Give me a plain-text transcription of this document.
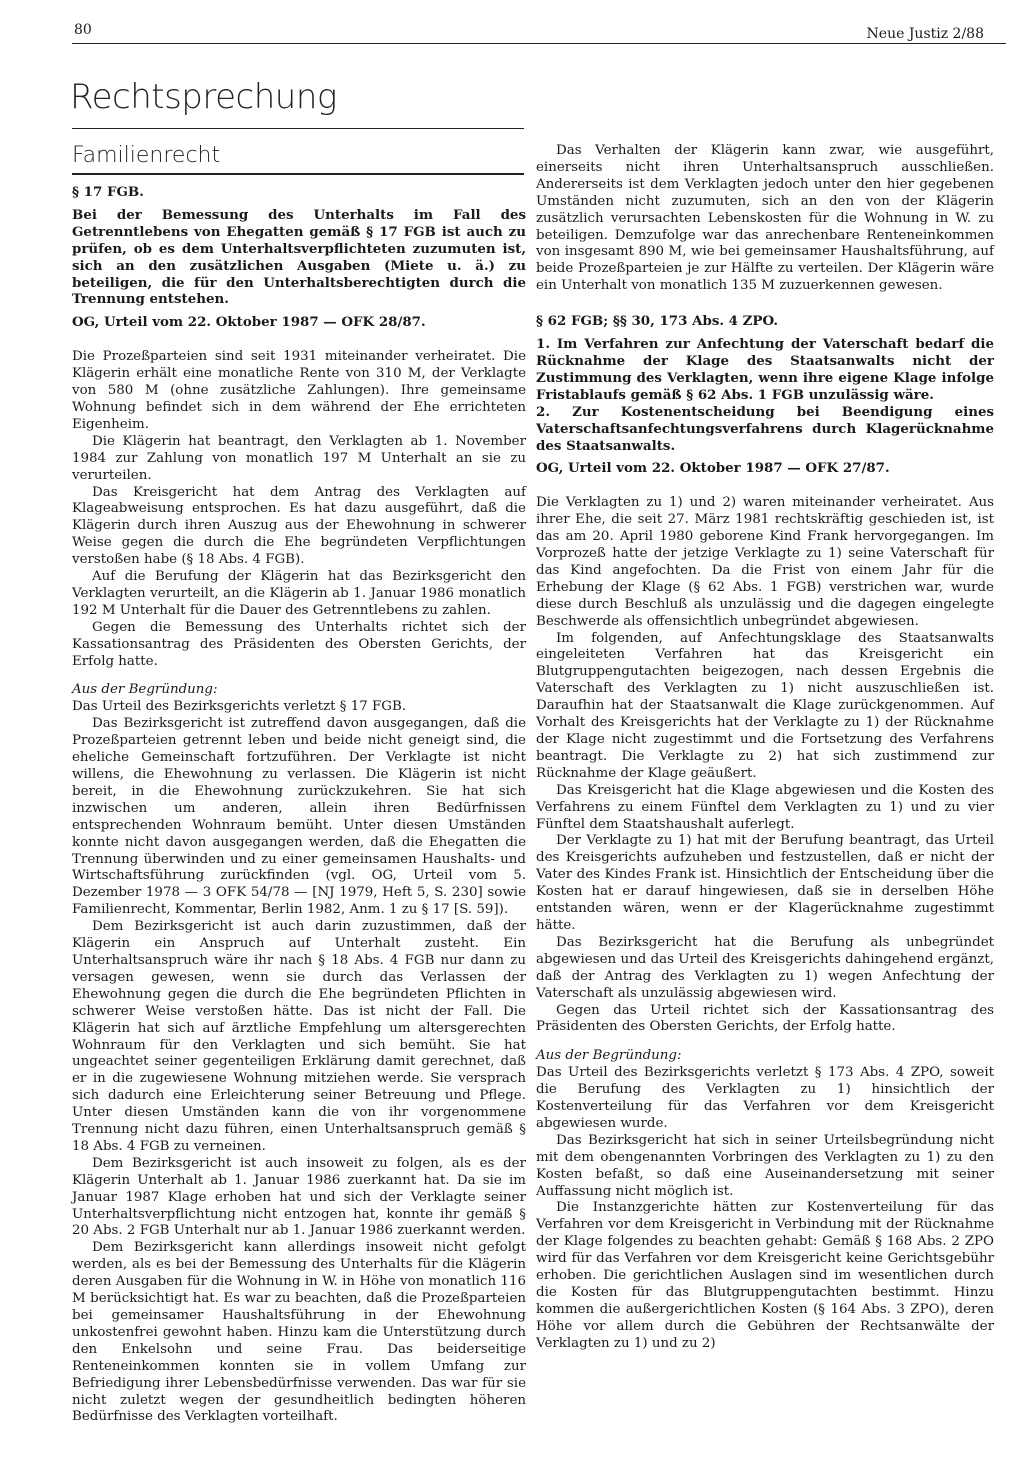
80	Neue Justiz 2/88
Rechtsprechung
Familienrecht

§ 17 FGB.

Bei der Bemessung des Unterhalts im Fall des Getrenntlebens von Ehegatten gemäß § 17 FGB ist auch zu prüfen, ob es dem Unterhaltsverpflichteten zuzumuten ist, sich an den zusätzlichen Ausgaben (Miete u. ä.) zu beteiligen, die für den Unterhaltsberechtigten durch die Trennung entstehen.

OG, Urteil vom 22. Oktober 1987 — OFK 28/87.

Die Prozeßparteien sind seit 1931 miteinander verheiratet. Die Klägerin erhält eine monatliche Rente von 310 M, der Verklagte von 580 M (ohne zusätzliche Zahlungen). Ihre gemeinsame Wohnung befindet sich in dem während der Ehe errichteten Eigenheim.

Die Klägerin hat beantragt, den Verklagten ab 1. November 1984 zur Zahlung von monatlich 197 M Unterhalt an sie zu verurteilen.

Das Kreisgericht hat dem Antrag des Verklagten auf Klageabweisung entsprochen. Es hat dazu ausgeführt, daß die Klägerin durch ihren Auszug aus der Ehewohnung in schwerer Weise gegen die durch die Ehe begründeten Verpflichtungen verstoßen habe (§ 18 Abs. 4 FGB).

Auf die Berufung der Klägerin hat das Bezirksgericht den Verklagten verurteilt, an die Klägerin ab 1. Januar 1986 monatlich 192 M Unterhalt für die Dauer des Getrenntlebens zu zahlen.

Gegen die Bemessung des Unterhalts richtet sich der Kassationsantrag des Präsidenten des Obersten Gerichts, der Erfolg hatte.

Aus der Begründung:

Das Urteil des Bezirksgerichts verletzt § 17 FGB.

Das Bezirksgericht ist zutreffend davon ausgegangen, daß die Prozeßparteien getrennt leben und beide nicht geneigt sind, die eheliche Gemeinschaft fortzuführen. Der Verklagte ist nicht willens, die Ehewohnung zu verlassen. Die Klägerin ist nicht bereit, in die Ehewohnung zurückzukehren. Sie hat sich inzwischen um anderen, allein ihren Bedürfnissen entsprechenden Wohnraum bemüht. Unter diesen Umständen konnte nicht davon ausgegangen werden, daß die Ehegatten die Trennung überwinden und zu einer gemeinsamen Haushalts- und Wirtschaftsführung zurückfinden (vgl. OG, Urteil vom 5. Dezember 1978 — 3 OFK 54/78 — [NJ 1979, Heft 5, S. 230] sowie Familienrecht, Kommentar, Berlin 1982, Anm. 1 zu § 17 [S. 59]).

Dem Bezirksgericht ist auch darin zuzustimmen, daß der Klägerin ein Anspruch auf Unterhalt zusteht. Ein Unterhaltsanspruch wäre ihr nach § 18 Abs. 4 FGB nur dann zu versagen gewesen, wenn sie durch das Verlassen der Ehewohnung gegen die durch die Ehe begründeten Pflichten in schwerer Weise verstoßen hätte. Das ist nicht der Fall. Die Klägerin hat sich auf ärztliche Empfehlung um altersgerechten Wohnraum für den Verklagten und sich bemüht. Sie hat ungeachtet seiner gegenteiligen Erklärung damit gerechnet, daß er in die zugewiesene Wohnung mitziehen werde. Sie versprach sich dadurch eine Erleichterung seiner Betreuung und Pflege. Unter diesen Umständen kann die von ihr vorgenommene Trennung nicht dazu führen, einen Unterhaltsanspruch gemäß § 18 Abs. 4 FGB zu verneinen.

Dem Bezirksgericht ist auch insoweit zu folgen, als es der Klägerin Unterhalt ab 1. Januar 1986 zuerkannt hat. Da sie im Januar 1987 Klage erhoben hat und sich der Verklagte seiner Unterhaltsverpflichtung nicht entzogen hat, konnte ihr gemäß § 20 Abs. 2 FGB Unterhalt nur ab 1. Januar 1986 zuerkannt werden.

Dem Bezirksgericht kann allerdings insoweit nicht gefolgt werden, als es bei der Bemessung des Unterhalts für die Klägerin deren Ausgaben für die Wohnung in W. in Höhe von monatlich 116 M berücksichtigt hat. Es war zu beachten, daß die Prozeßparteien bei gemeinsamer Haushaltsführung in der Ehewohnung unkostenfrei gewohnt haben. Hinzu kam die Unterstützung durch den Enkelsohn und seine Frau. Das beiderseitige Renteneinkommen konnten sie in vollem Umfang zur Befriedigung ihrer Lebensbedürfnisse verwenden. Das war für sie nicht zuletzt wegen der gesundheitlich bedingten höheren Bedürfnisse des Verklagten vorteilhaft.

Das Verhalten der Klägerin kann zwar, wie ausgeführt, einerseits nicht ihren Unterhaltsanspruch ausschließen. Andererseits ist dem Verklagten jedoch unter den hier gegebenen Umständen nicht zuzumuten, sich an den von der Klägerin zusätzlich verursachten Lebenskosten für die Wohnung in W. zu beteiligen. Demzufolge war das anrechenbare Renteneinkommen von insgesamt 890 M, wie bei gemeinsamer Haushaltsführung, auf beide Prozeßparteien je zur Hälfte zu verteilen. Der Klägerin wäre ein Unterhalt von monatlich 135 M zuzuerkennen gewesen.

§ 62 FGB; §§ 30, 173 Abs. 4 ZPO.

1. Im Verfahren zur Anfechtung der Vaterschaft bedarf die Rücknahme der Klage des Staatsanwalts nicht der Zustimmung des Verklagten, wenn ihre eigene Klage infolge Fristablaufs gemäß § 62 Abs. 1 FGB unzulässig wäre.

2. Zur Kostenentscheidung bei Beendigung eines Vaterschaftsanfechtungsverfahrens durch Klagerücknahme des Staatsanwalts.

OG, Urteil vom 22. Oktober 1987 — OFK 27/87.

Die Verklagten zu 1) und 2) waren miteinander verheiratet. Aus ihrer Ehe, die seit 27. März 1981 rechtskräftig geschieden ist, ist das am 20. April 1980 geborene Kind Frank hervorgegangen. Im Vorprozeß hatte der jetzige Verklagte zu 1) seine Vaterschaft für das Kind angefochten. Da die Frist von einem Jahr für die Erhebung der Klage (§ 62 Abs. 1 FGB) verstrichen war, wurde diese durch Beschluß als unzulässig und die dagegen eingelegte Beschwerde als offensichtlich unbegründet abgewiesen.

Im folgenden, auf Anfechtungsklage des Staatsanwalts eingeleiteten Verfahren hat das Kreisgericht ein Blutgruppengutachten beigezogen, nach dessen Ergebnis die Vaterschaft des Verklagten zu 1) nicht auszuschließen ist. Daraufhin hat der Staatsanwalt die Klage zurückgenommen. Auf Vorhalt des Kreisgerichts hat der Verklagte zu 1) der Rücknahme der Klage nicht zugestimmt und die Fortsetzung des Verfahrens beantragt. Die Verklagte zu 2) hat sich zustimmend zur Rücknahme der Klage geäußert.

Das Kreisgericht hat die Klage abgewiesen und die Kosten des Verfahrens zu einem Fünftel dem Verklagten zu 1) und zu vier Fünftel dem Staatshaushalt auferlegt.

Der Verklagte zu 1) hat mit der Berufung beantragt, das Urteil des Kreisgerichts aufzuheben und festzustellen, daß er nicht der Vater des Kindes Frank ist. Hinsichtlich der Entscheidung über die Kosten hat er darauf hingewiesen, daß sie in derselben Höhe entstanden wären, wenn er der Klagerücknahme zugestimmt hätte.

Das Bezirksgericht hat die Berufung als unbegründet abgewiesen und das Urteil des Kreisgerichts dahingehend ergänzt, daß der Antrag des Verklagten zu 1) wegen Anfechtung der Vaterschaft als unzulässig abgewiesen wird.

Gegen das Urteil richtet sich der Kassationsantrag des Präsidenten des Obersten Gerichts, der Erfolg hatte.

Aus der Begründung:

Das Urteil des Bezirksgerichts verletzt § 173 Abs. 4 ZPO, soweit die Berufung des Verklagten zu 1) hinsichtlich der Kostenverteilung für das Verfahren vor dem Kreisgericht abgewiesen wurde.

Das Bezirksgericht hat sich in seiner Urteilsbegründung nicht mit dem obengenannten Vorbringen des Verklagten zu 1) zu den Kosten befaßt, so daß eine Auseinandersetzung mit seiner Auffassung nicht möglich ist.

Die Instanzgerichte hätten zur Kostenverteilung für das Verfahren vor dem Kreisgericht in Verbindung mit der Rücknahme der Klage folgendes zu beachten gehabt: Gemäß § 168 Abs. 2 ZPO wird für das Verfahren vor dem Kreisgericht keine Gerichtsgebühr erhoben. Die gerichtlichen Auslagen sind im wesentlichen durch die Kosten für das Blutgruppengutachten bestimmt. Hinzu kommen die außergerichtlichen Kosten (§ 164 Abs. 3 ZPO), deren Höhe vor allem durch die Gebühren der Rechtsanwälte der Verklagten zu 1) und zu 2)
